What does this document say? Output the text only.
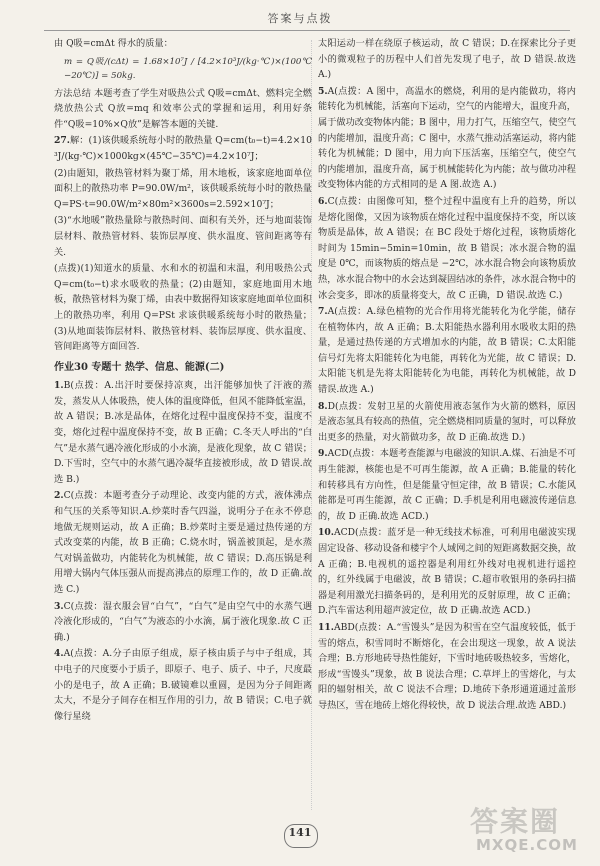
答案与点拨

由 Q吸=cmΔt 得水的质量：

m = Q吸/(cΔt) = 1.68×10⁷J / [4.2×10³J/(kg·℃)×(100℃−20℃)] = 50kg.

方法总结 本题考查了学生对吸热公式 Q吸=cmΔt、燃料完全燃烧放热公式 Q放=mq 和效率公式的掌握和运用，利用好条件“Q吸=10%×Q放”是解答本题的关键.

27.解：(1)该供暖系统每小时的散热量 Q=cm(t₀−t)=4.2×10³J/(kg·℃)×1000kg×(45℃−35℃)=4.2×10⁷J；

(2)由题知，散热管材料为聚丁烯，用木地板，该家庭地面单位面积上的散热功率 P=90.0W/m²，该供暖系统每小时的散热量 Q=PS·t=90.0W/m²×80m²×3600s=2.592×10⁷J；

(3)“水地暖”散热量除与散热时间、面积有关外，还与地面装饰层材料、散热管材料、装饰层厚度、供水温度、管间距离等有关.

(点拨)(1)知道水的质量、水和水的初温和末温，利用吸热公式 Q=cm(t₀−t)求水吸收的热量；(2)由题知，家庭地面用木地板，散热管材料为聚丁烯，由表中数据得知该家庭地面单位面积上的散热功率，利用 Q=PSt 求该供暖系统每小时的散热量；(3)从地面装饰层材料、散热管材料、装饰层厚度、供水温度、管间距离等方面回答.

作业30 专题十 热学、信息、能源(二)

1.B(点拨：A.出汗时要保持凉爽，出汗能够加快了汗液的蒸发，蒸发从人体吸热，使人体的温度降低，但风不能降低室温，故 A 错误；B.冰是晶体，在熔化过程中温度保持不变，温度不变，熔化过程中温度保持不变，故 B 正确；C.冬天人呼出的“白气”是水蒸气遇冷液化形成的小水滴，是液化现象，故 C 错误；D.下雪时，空气中的水蒸气遇冷凝华直接被形成，故 D 错误.故选 B.)

2.C(点拨：本题考查分子动理论、改变内能的方式，液体沸点和气压的关系等知识.A.炒菜时香气四溢，说明分子在永不停息地做无规则运动，故 A 正确；B.炒菜时主要是通过热传递的方式改变菜的内能，故 B 正确；C.烧水时，锅盖被顶起，是水蒸气对锅盖做功，内能转化为机械能，故 C 错误；D.高压锅是利用增大锅内气体压强从而提高沸点的原理工作的，故 D 正确.故选 C.)

3.C(点拨：湿衣服会冒“白气”，“白气”是由空气中的水蒸气遇冷液化形成的，“白气”为液态的小水滴，属于液化现象.故 C 正确.)

4.A(点拨：A.分子由原子组成，原子核由质子与中子组成，其中电子的尺度要小于质子，即原子、电子、质子、中子，尺度最小的是电子，故 A 正确；B.破镜难以重圆，是因为分子间距离太大，不是分子间存在相互作用的引力，故 B 错误；C.电子就像行星绕

太阳运动一样在绕原子核运动，故 C 错误；D.在探索比分子更小的微观粒子的历程中人们首先发现了电子，故 D 错误.故选 A.)

5.A(点拨：A 图中，高温水的燃烧，利用的是内能做功，将内能转化为机械能，活塞向下运动，空气的内能增大，温度升高，属于做功改变物体内能；B 图中，用力打气，压缩空气，使空气的内能增加，温度升高；C 图中，水蒸气推动活塞运动，将内能转化为机械能；D 图中，用力向下压活塞，压缩空气，使空气的内能增加，温度升高，属于机械能转化为内能；故与做功冲程改变物体内能的方式相同的是 A 图.故选 A.)

6.C(点拨：由图像可知，整个过程中温度有上升的趋势，所以是熔化图像，又因为该物质在熔化过程中温度保持不变，所以该物质是晶体，故 A 错误；在 BC 段处于熔化过程，该物质熔化时间为 15min−5min=10min，故 B 错误；冰水混合物的温度是 0℃，而该物质的熔点是 −2℃，冰水混合物会向该物质放热，冰水混合物中的水会达到凝固结冰的条件，冰水混合物中的冰会变多，即冰的质量将变大，故 C 正确，D 错误.故选 C.)

7.A(点拨：A.绿色植物的光合作用将光能转化为化学能，储存在植物体内，故 A 正确；B.太阳能热水器利用水吸收太阳的热量，是通过热传递的方式增加水的内能，故 B 错误；C.太阳能信号灯先将太阳能转化为电能，再转化为光能，故 C 错误；D.太阳能飞机是先将太阳能转化为电能，再转化为机械能，故 D 错误.故选 A.)

8.D(点拨：发射卫星的火箭使用液态氢作为火箭的燃料，原因是液态氢具有较高的热值，完全燃烧相同质量的氢时，可以释放出更多的热量，对火箭做功多，故 D 正确.故选 D.)

9.ACD(点拨：本题考查能源与电磁波的知识.A.煤、石油是不可再生能源，核能也是不可再生能源，故 A 正确；B.能量的转化和转移具有方向性，但是能量守恒定律，故 B 错误；C.水能风能都是可再生能源，故 C 正确；D.手机是利用电磁波传递信息的，故 D 正确.故选 ACD.)

10.ACD(点拨：蓝牙是一种无线技术标准，可利用电磁波实现固定设备、移动设备和楼宇个人域网之间的短距离数据交换，故 A 正确；B.电视机的遥控器是利用红外线对电视机进行遥控的，红外线属于电磁波，故 B 错误；C.超市收银用的条码扫描器是利用激光扫描条码的，是利用光的反射原理，故 C 正确；D.汽车雷达利用超声波定位，故 D 正确.故选 ACD.)

11.ABD(点拨：A.“雪馒头”是因为积雪在空气温度较低，低于雪的熔点，积雪同时不断熔化，在会出现这一现象，故 A 说法合理；B.方形地砖导热性能好，下雪时地砖吸热较多，雪熔化，形成“雪馒头”现象，故 B 说法合理；C.草坪上的雪熔化，与太阳的辐射相关，故 C 说法不合理；D.地砖下条形通道通过盖形导热区，雪在地砖上熔化得较快，故 D 说法合理.故选 ABD.)

141	答案圈
MXQE.COM
